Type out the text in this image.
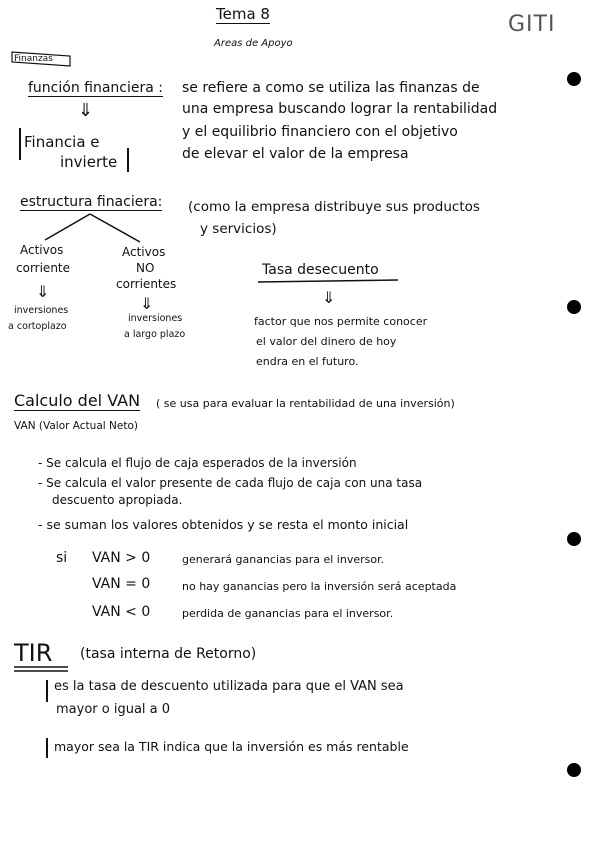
Tema 8
Areas de Apoyo
GITI
Finanzas
función financiera : se refiere a como se utiliza las finanzas de
una empresa buscando lograr la rentabilidad
y el equilibrio financiero con el objetivo
de elevar el valor de la empresa
⇓
Financia e
invierte
estructura finaciera: (como la empresa distribuye sus productos
y servicios)
Activos
corriente
⇓
inversiones
a cortoplazo
Activos
NO
corrientes
⇓
inversiones
a largo plazo
Tasa desecuento
⇓
factor que nos permite conocer
el valor del dinero de hoy
endra en el futuro.
Calculo del VAN ( se usa para evaluar la rentabilidad de una inversión)
VAN (Valor Actual Neto)
- Se calcula el flujo de caja esperados de la inversión
- Se calcula el valor presente de cada flujo de caja con una tasa
descuento apropiada.
- se suman los valores obtenidos y se resta el monto inicial
si VAN > 0	generará ganancias para el inversor.
VAN = 0	no hay ganancias pero la inversión será aceptada
VAN < 0	perdida de ganancias para el inversor.
TIR (tasa interna de Retorno)
es la tasa de descuento utilizada para que el VAN sea
mayor o igual a 0
mayor sea la TIR indica que la inversión es más rentable
